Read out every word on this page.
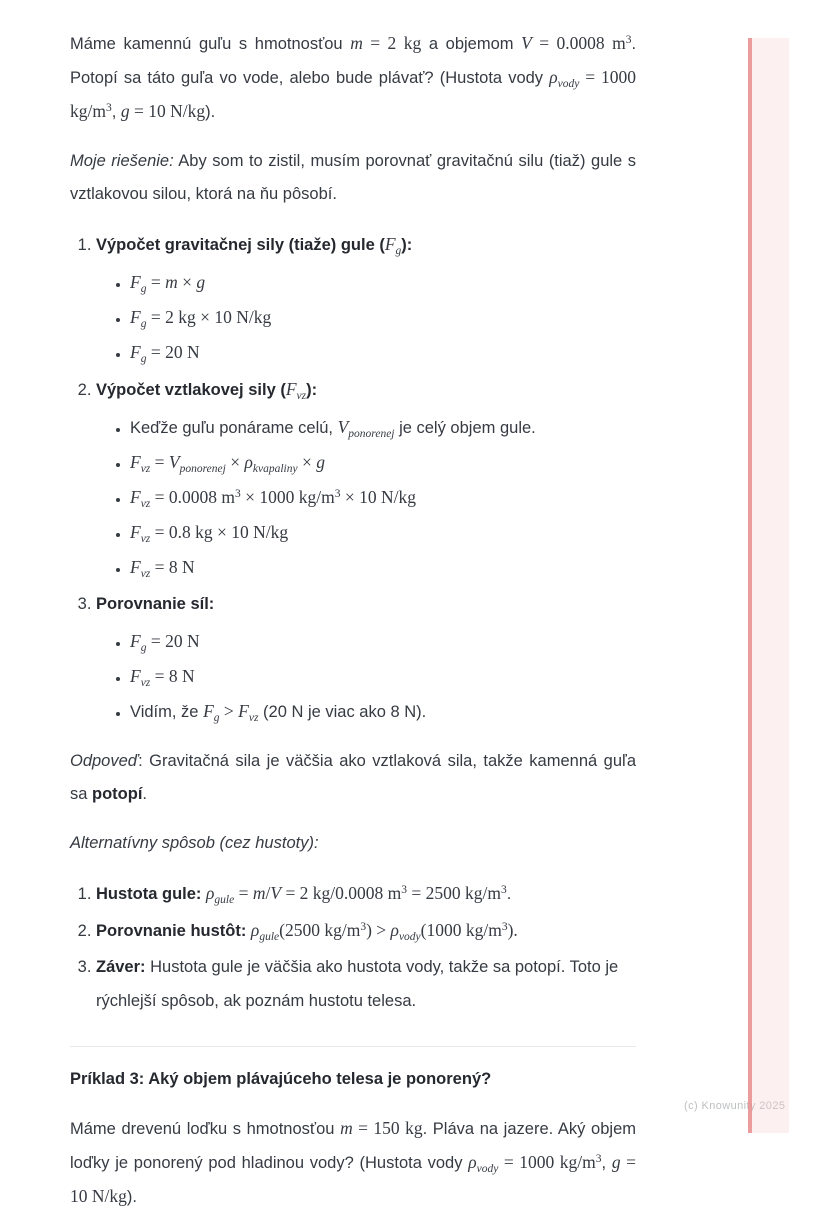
Máme kamennú guľu s hmotnosťou m = 2 kg a objemom V = 0.0008 $m^3$. Potopí sa táto guľa vo vode, alebo bude plávať? (Hustota vody $\rho_{vody} = 1000$ $kg/m^3$, g = 10 N/kg).

Moje riešenie: Aby som to zistil, musím porovnať gravitačnú silu (tiaž) gule s vztlakovou silou, ktorá na ňu pôsobí.

1. Výpočet gravitačnej sily (tiaže) gule $(F_g)$:
• $F_g = m \times g$
• $F_g = 2$ kg × 10 N/kg
• $F_g = 20$ N
2. Výpočet vztlakovej sily $(F_{vz})$:
• Keďže guľu ponárame celú, $V_{ponorenej}$ je celý objem gule.
• $F_{vz} = V_{ponorenej} \times \rho_{kvapaliny} \times g$
• $F_{vz} = 0.0008$ $m^3 \times 1000$ $kg/m^3 \times 10$ N/kg
• $F_{vz} = 0.8$ kg × 10 N/kg
• $F_{vz} = 8$ N
3. Porovnanie síl:
• $F_g = 20$ N
• $F_{vz} = 8$ N
• Vidím, že $F_g > F_{vz}$ (20 N je viac ako 8 N).

Odpoveď: Gravitačná sila je väčšia ako vztlaková sila, takže kamenná guľa sa potopí.

Alternatívny spôsob (cez hustoty):

1. Hustota gule: $\rho_{gule} = m/V = 2$ kg/0.0008 $m^3 = 2500$ $kg/m^3$.
2. Porovnanie hustôt: $\rho_{gule}(2500$ $kg/m^3) > \rho_{vody}(1000$ $kg/m^3$).
3. Záver: Hustota gule je väčšia ako hustota vody, takže sa potopí. Toto je rýchlejší spôsob, ak poznám hustotu telesa.

Príklad 3: Aký objem plávajúceho telesa je ponorený?

Máme drevenú loďku s hmotnosťou m = 150 kg. Pláva na jazere. Aký objem loďky je ponorený pod hladinou vody? (Hustota vody $\rho_{vody} = 1000$ $kg/m^3$, g = 10 N/kg).

(c) Knowunity 2025
